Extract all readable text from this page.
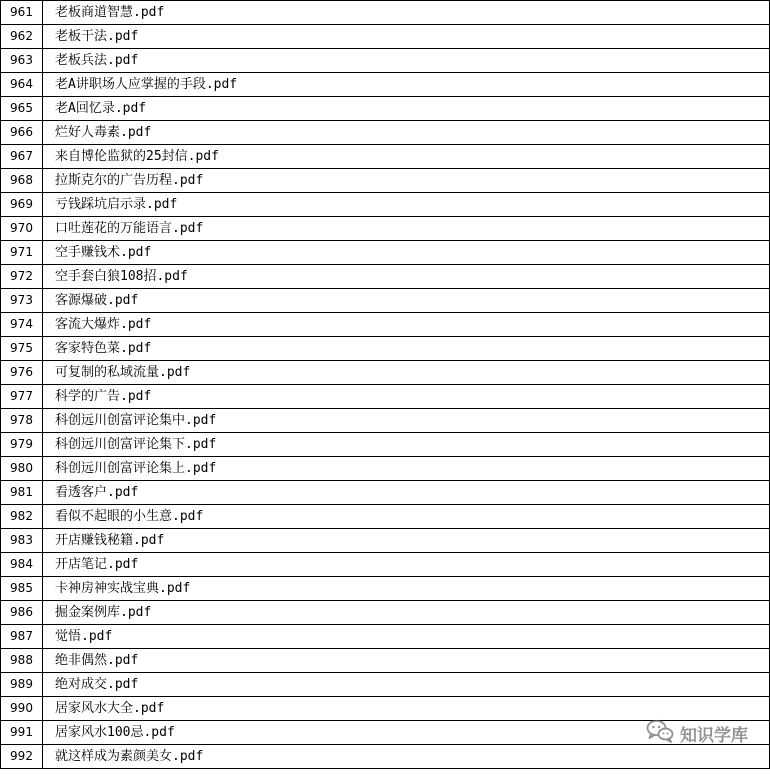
961	老板商道智慧.pdf
962	老板干法.pdf
963	老板兵法.pdf
964	老A讲职场人应掌握的手段.pdf
965	老A回忆录.pdf
966	烂好人毒素.pdf
967	来自博伦监狱的25封信.pdf
968	拉斯克尔的广告历程.pdf
969	亏钱踩坑启示录.pdf
970	口吐莲花的万能语言.pdf
971	空手赚钱术.pdf
972	空手套白狼108招.pdf
973	客源爆破.pdf
974	客流大爆炸.pdf
975	客家特色菜.pdf
976	可复制的私域流量.pdf
977	科学的广告.pdf
978	科创远川创富评论集中.pdf
979	科创远川创富评论集下.pdf
980	科创远川创富评论集上.pdf
981	看透客户.pdf
982	看似不起眼的小生意.pdf
983	开店赚钱秘籍.pdf
984	开店笔记.pdf
985	卡神房神实战宝典.pdf
986	掘金案例库.pdf
987	觉悟.pdf
988	绝非偶然.pdf
989	绝对成交.pdf
990	居家风水大全.pdf
991	居家风水100忌.pdf
992	就这样成为素颜美女.pdf
知识学库
